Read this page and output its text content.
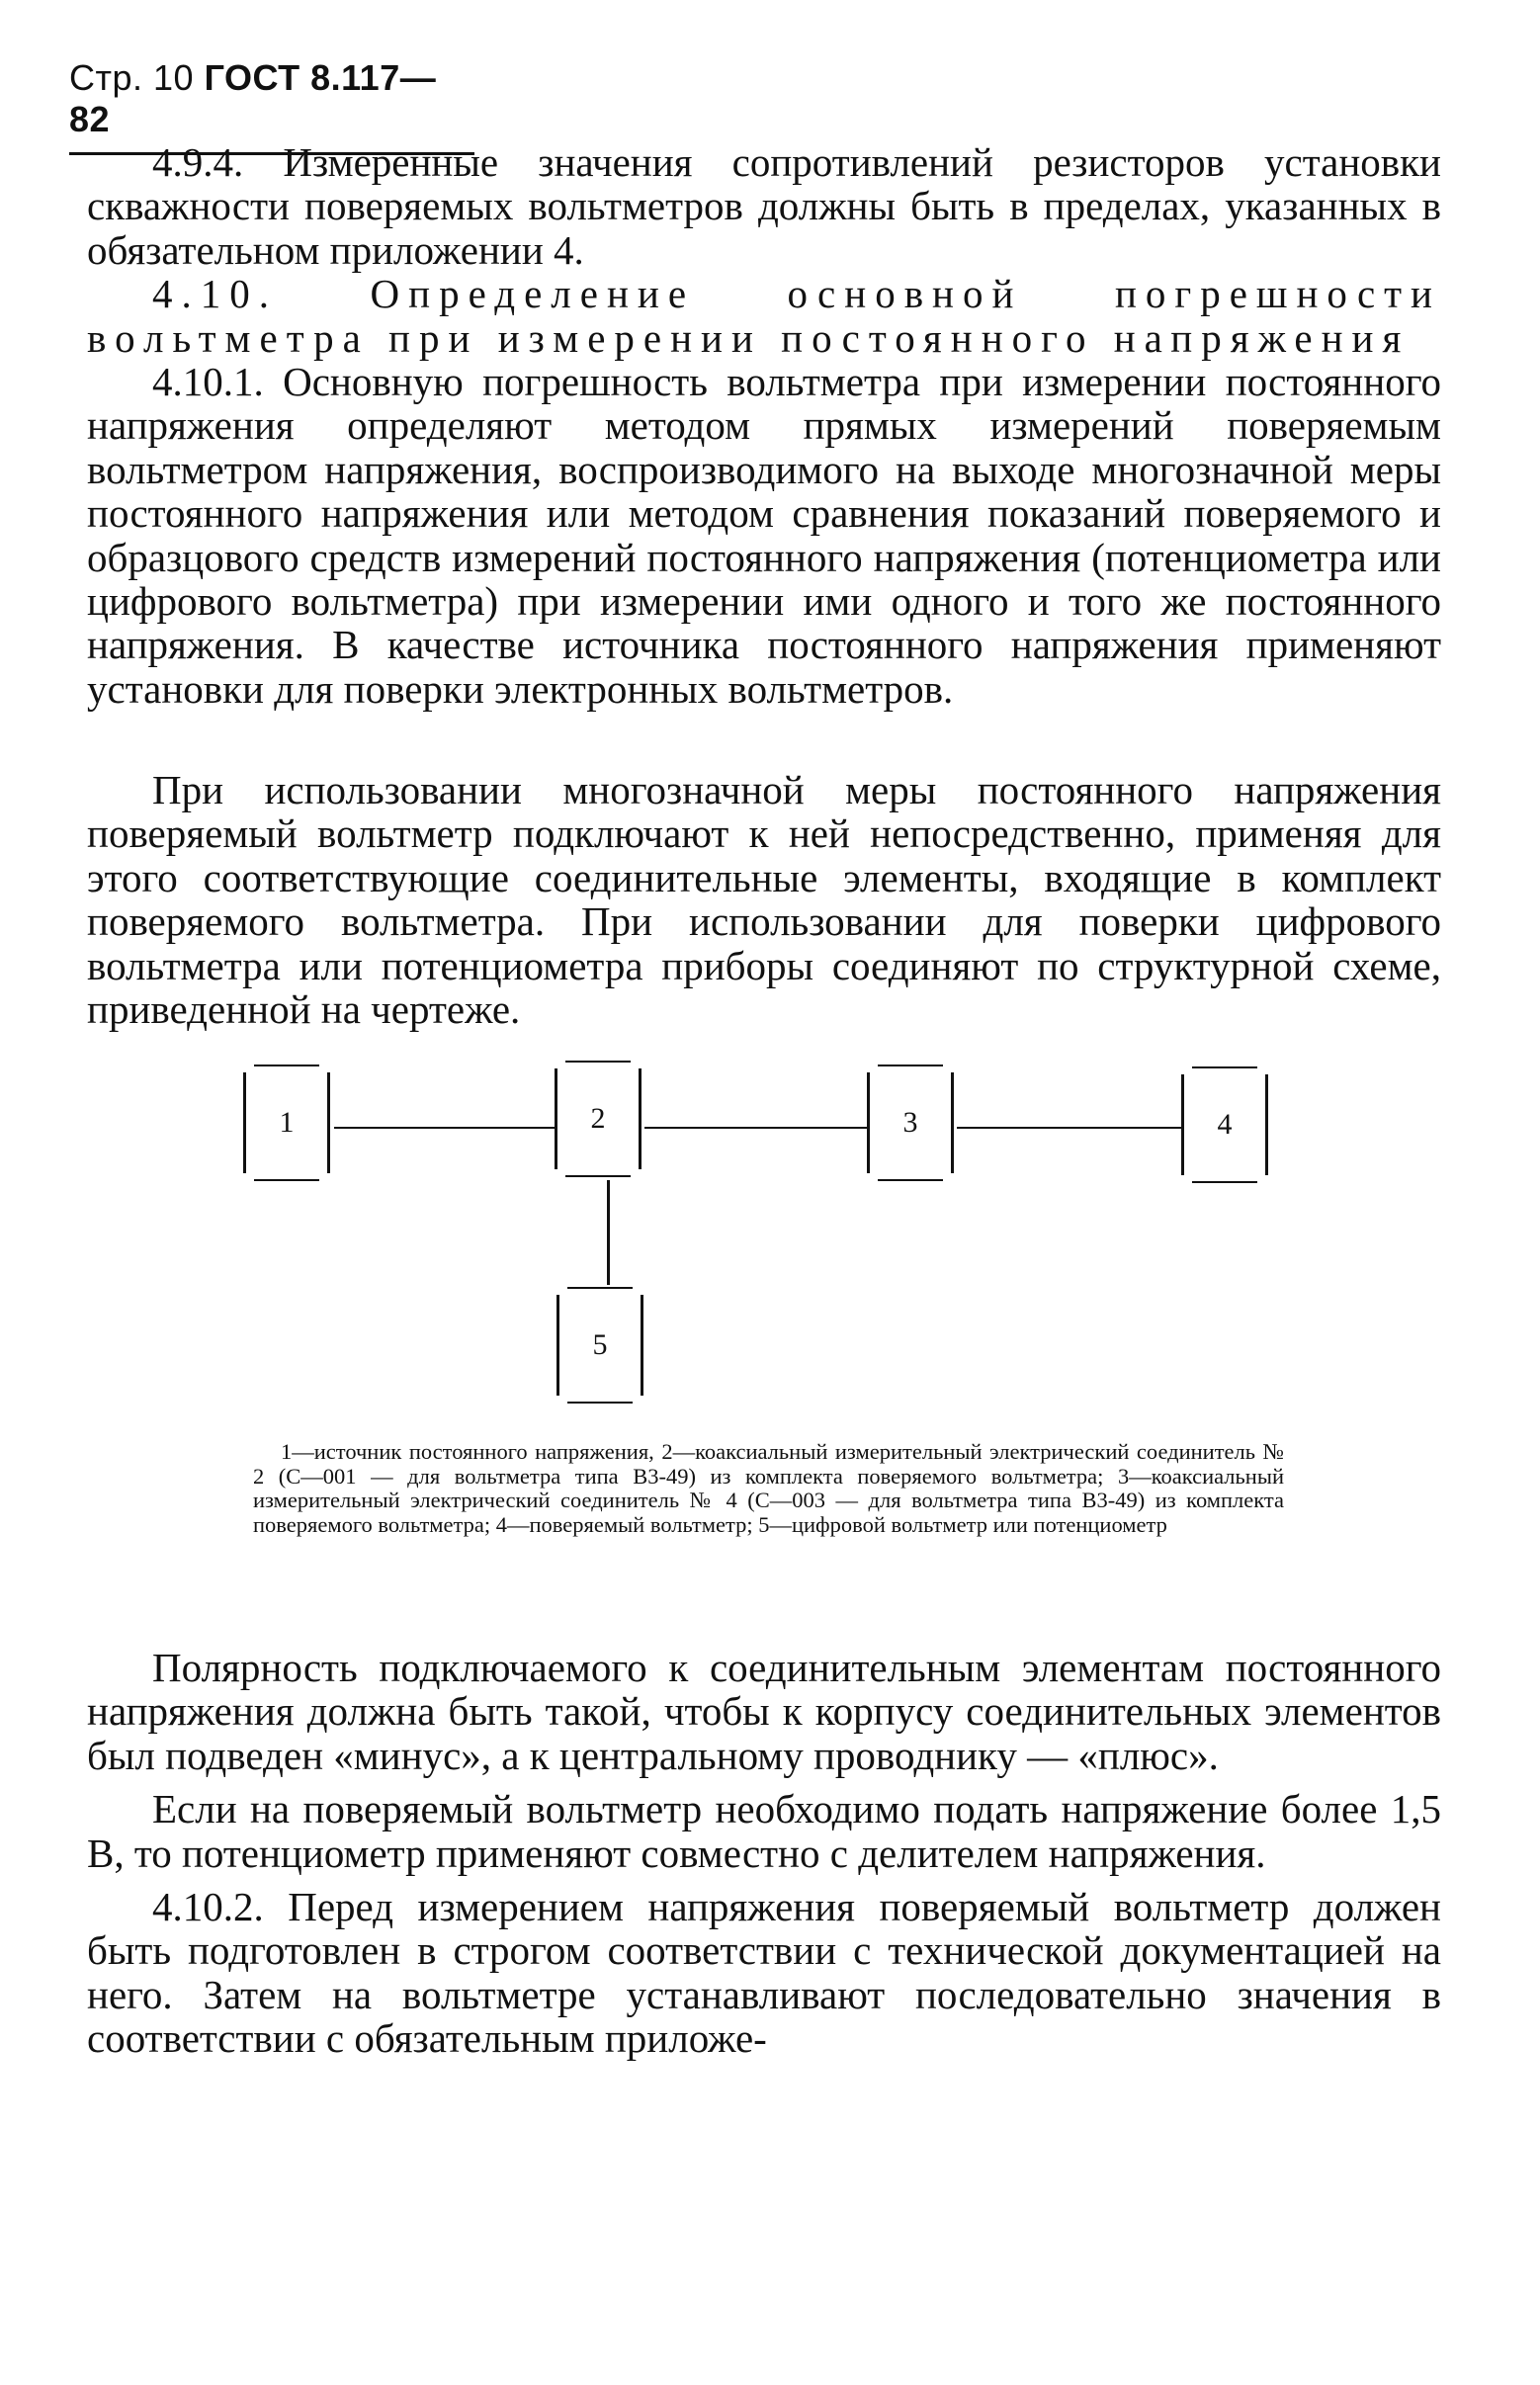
Стр. 10 ГОСТ 8.117—82

4.9.4. Измеренные значения сопротивлений резисторов установки скважности поверяемых вольтметров должны быть в пределах, указанных в обязательном приложении 4.

4.10. Определение основной погрешности вольтметра при измерении постоянного напряжения

4.10.1. Основную погрешность вольтметра при измерении постоянного напряжения определяют методом прямых измерений поверяемым вольтметром напряжения, воспроизводимого на выходе многозначной меры постоянного напряжения или методом сравнения показаний поверяемого и образцового средств измерений постоянного напряжения (потенциометра или цифрового вольтметра) при измерении ими одного и того же постоянного напряжения. В качестве источника постоянного напряжения применяют установки для поверки электронных вольтметров.

При использовании многозначной меры постоянного напряжения поверяемый вольтметр подключают к ней непосредственно, применяя для этого соответствующие соединительные элементы, входящие в комплект поверяемого вольтметра. При использовании для поверки цифрового вольтметра или потенциометра приборы соединяют по структурной схеме, приведенной на чертеже.

1	2	3	4
5

1—источник постоянного напряжения, 2—коаксиальный измерительный электрический соединитель № 2 (С—001 — для вольтметра типа В3-49) из комплекта поверяемого вольтметра; 3—коаксиальный измерительный электрический соединитель № 4 (С—003 — для вольтметра типа В3-49) из комплекта поверяемого вольтметра; 4—поверяемый вольтметр; 5—цифровой вольтметр или потенциометр

Полярность подключаемого к соединительным элементам постоянного напряжения должна быть такой, чтобы к корпусу соединительных элементов был подведен «минус», а к центральному проводнику — «плюс».

Если на поверяемый вольтметр необходимо подать напряжение более 1,5 В, то потенциометр применяют совместно с делителем напряжения.

4.10.2. Перед измерением напряжения поверяемый вольтметр должен быть подготовлен в строгом соответствии с технической документацией на него. Затем на вольтметре устанавливают последовательно значения в соответствии с обязательным приложе-
